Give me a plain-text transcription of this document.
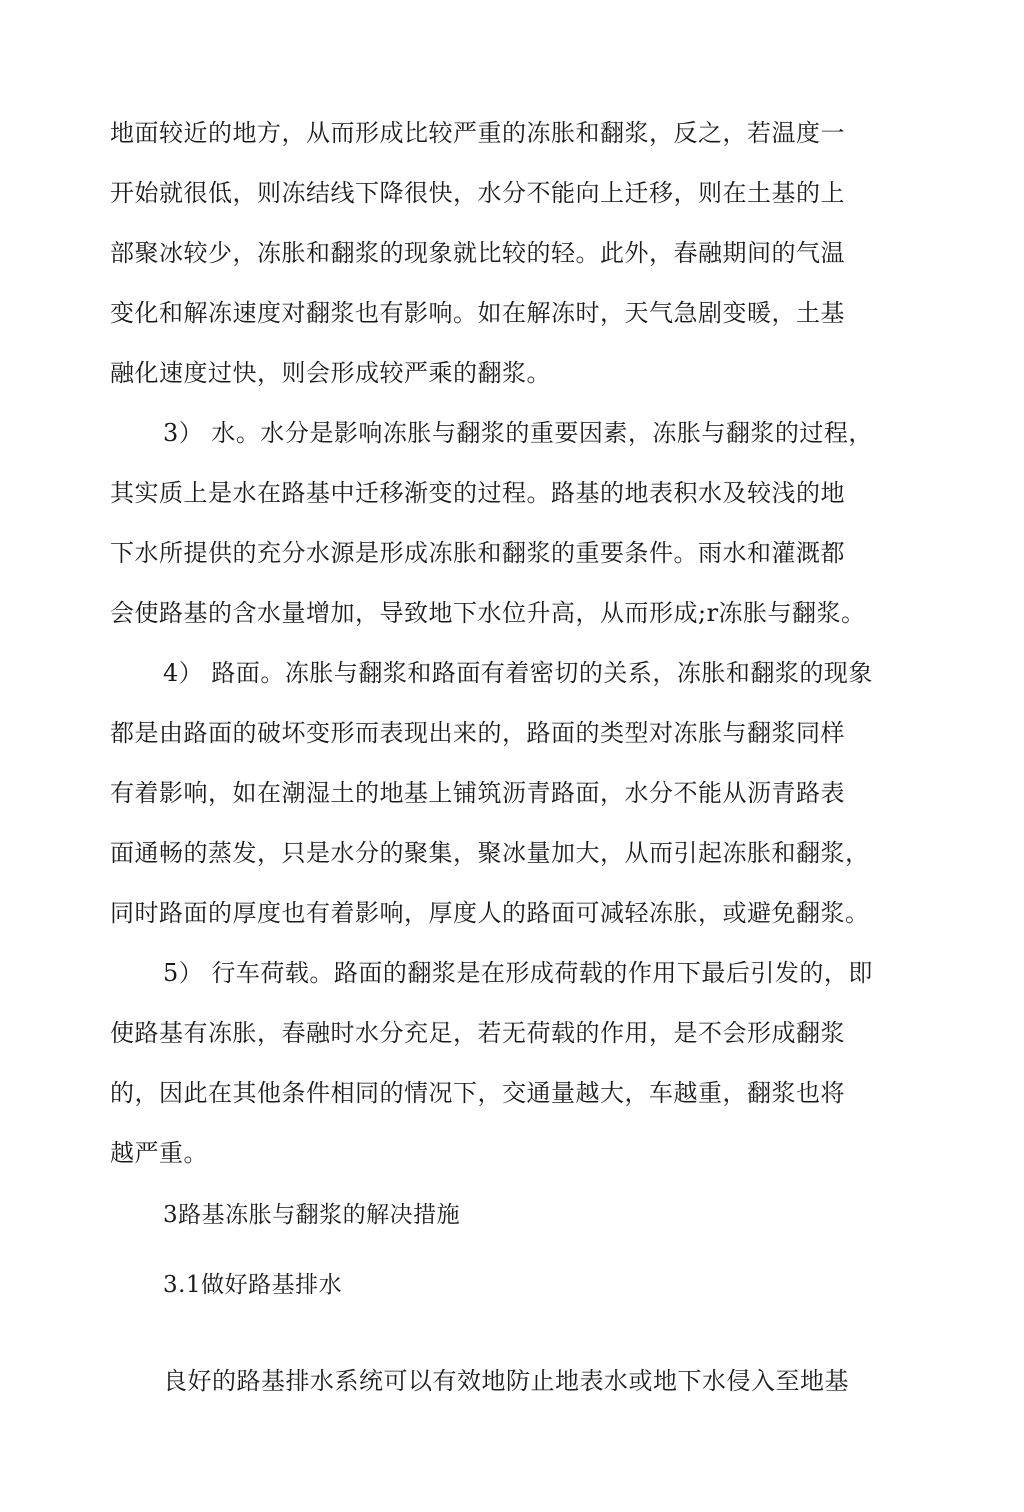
地面较近的地方，从而形成比较严重的冻胀和翻浆，反之，若温度一
开始就很低，则冻结线下降很快，水分不能向上迁移，则在土基的上
部聚冰较少，冻胀和翻浆的现象就比较的轻。此外，春融期间的气温
变化和解冻速度对翻浆也有影响。如在解冻时，天气急剧变暖，土基
融化速度过快，则会形成较严乘的翻浆。
3） 水。水分是影响冻胀与翻浆的重要因素，冻胀与翻浆的过程，
其实质上是水在路基中迁移渐变的过程。路基的地表积水及较浅的地
下水所提供的充分水源是形成冻胀和翻浆的重要条件。雨水和灌溉都
会使路基的含水量增加，导致地下水位升高，从而形成;r冻胀与翻浆。
4） 路面。冻胀与翻浆和路面有着密切的关系，冻胀和翻浆的现象
都是由路面的破坏变形而表现出来的，路面的类型对冻胀与翻浆同样
有着影响，如在潮湿土的地基上铺筑沥青路面，水分不能从沥青路表
面通畅的蒸发，只是水分的聚集，聚冰量加大，从而引起冻胀和翻浆，
同时路面的厚度也有着影响，厚度人的路面可减轻冻胀，或避免翻浆。
5） 行车荷载。路面的翻浆是在形成荷载的作用下最后引发的，即
使路基有冻胀，春融时水分充足，若无荷载的作用，是不会形成翻浆
的，因此在其他条件相同的情况下，交通量越大，车越重，翻浆也将
越严重。
3路基冻胀与翻浆的解决措施
3.1做好路基排水
良好的路基排水系统可以有效地防止地表水或地下水侵入至地基
